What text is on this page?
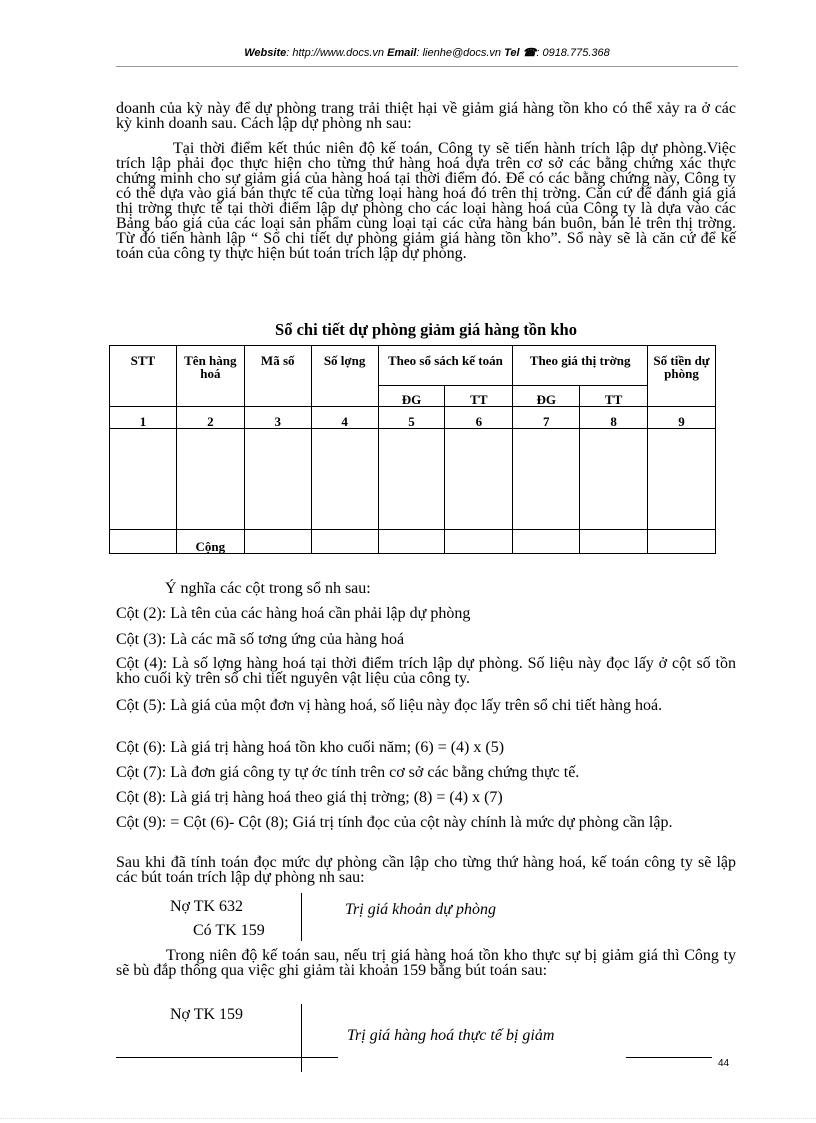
Website: http://www.docs.vn Email: lienhe@docs.vn Tel ☎: 0918.775.368
doanh của kỳ này để dự phòng trang trải thiệt hại về giảm giá hàng tồn kho có thể xảy ra ở các kỳ kinh doanh sau. Cách lập dự phòng nh sau:
Tại thời điểm kết thúc niên độ kế toán, Công ty sẽ tiến hành trích lập dự phòng.Việc trích lập phải đọc thực hiện cho từng thứ hàng hoá dựa trên cơ sở các bằng chứng xác thực chứng minh cho sự giảm giá của hàng hoá tại thời điểm đó. Để có các bằng chứng này, Công ty có thể dựa vào giá bán thực tế của từng loại hàng hoá đó trên thị trờng. Căn cứ để đánh giá giá thị trờng thực tế tại thời điểm lập dự phòng cho các loại hàng hoá của Công ty là dựa vào các Bảng báo giá của các loại sản phẩm cùng loại tại các cửa hàng bán buôn, bán lẻ trên thị trờng. Từ đó tiến hành lập “ Sổ chi tiết dự phòng giảm giá hàng tồn kho”. Sổ này sẽ là căn cứ để kế toán của công ty thực hiện bút toán trích lập dự phòng.
Sổ chi tiết dự phòng giảm giá hàng tồn kho
STT	Tên hàng hoá	Mã số	Số lợng	Theo sổ sách kế toán		Theo giá thị trờng		Số tiền dự phòng
				ĐG	TT	ĐG	TT	
1	2	3	4	5	6	7	8	9

	Cộng							
Ý nghĩa các cột trong sổ nh sau:
Cột (2): Là tên của các hàng hoá cần phải lập dự phòng
Cột (3): Là các mã số tơng ứng của hàng hoá
Cột (4): Là số lợng hàng hoá tại thời điểm trích lập dự phòng. Số liệu này đọc lấy ở cột số tồn kho cuối kỳ trên sổ chi tiết nguyên vật liệu của công ty.
Cột (5): Là giá của một đơn vị hàng hoá, số liệu này đọc lấy trên sổ chi tiết hàng hoá.
Cột (6): Là giá trị hàng hoá tồn kho cuối năm; (6) = (4) x (5)
Cột (7): Là đơn giá công ty tự ớc tính trên cơ sở các bằng chứng thực tế.
Cột (8): Là giá trị hàng hoá theo giá thị trờng; (8) = (4) x (7)
Cột (9): = Cột (6)- Cột (8); Giá trị tính đọc của cột này chính là mức dự phòng cần lập.
Sau khi đã tính toán đọc mức dự phòng cần lập cho từng thứ hàng hoá, kế toán công ty sẽ lập các bút toán trích lập dự phòng nh sau:
Nợ TK 632
Có TK 159
Trị giá khoản dự phòng
Trong niên độ kế toán sau, nếu trị giá hàng hoá tồn kho thực sự bị giảm giá thì Công ty sẽ bù đắp thông qua việc ghi giảm tài khoản 159 bằng bút toán sau:
Nợ TK 159
Trị giá hàng hoá thực tế bị giảm
44
